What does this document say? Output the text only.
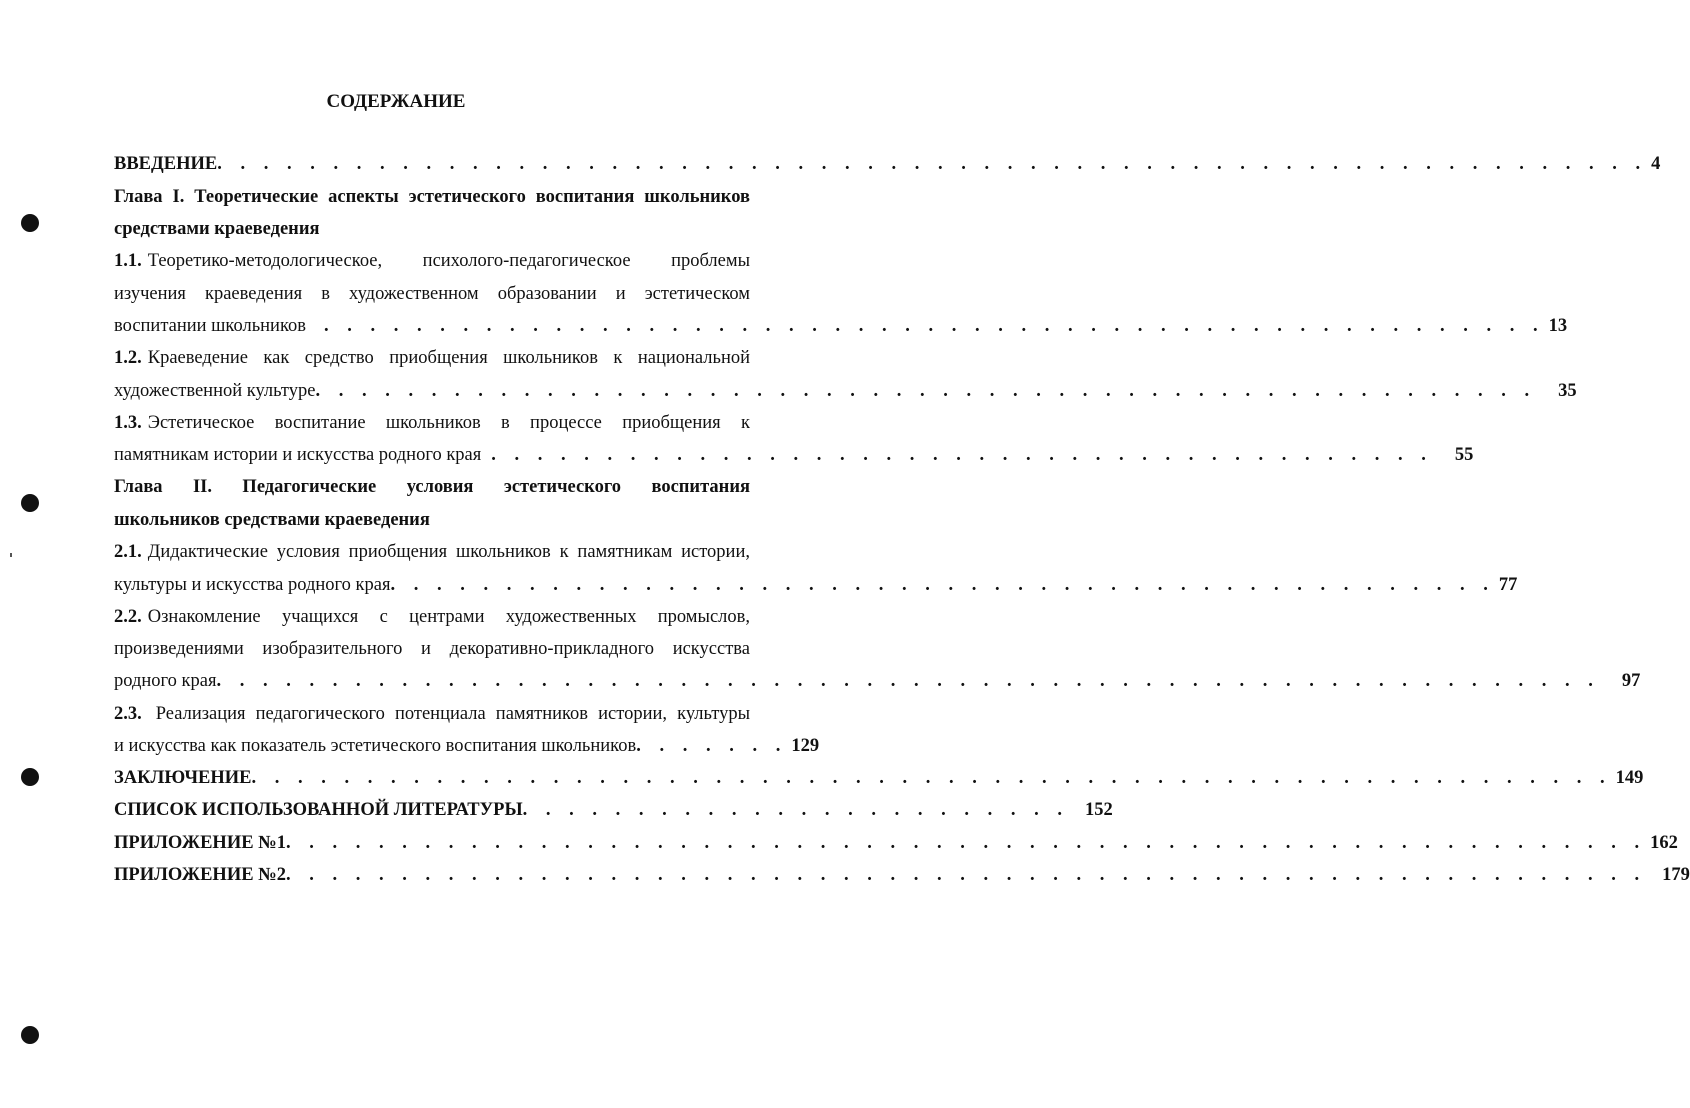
СОДЕРЖАНИЕ
ВВЕДЕНИЕ . . . . . . . . . . . . . . . . . . . . . . . . . . . . . . . . . . . . . . . . . . . . . . . . . . . . . . . . . . . . . . 4
Глава I. Теоретические аспекты эстетического воспитания школьников
средствами краеведения
1.1. Теоретико-методологическое, психолого-педагогическое проблемы
изучения краеведения в художественном образовании и эстетическом
воспитании школьников . . . . . . . . . . . . . . . . . . . . . . . . . . . . . . . . . . . . . . . . . . . . . . . . . . . . . 13
1.2. Краеведение как средство приобщения школьников к национальной
художественной культуре . . . . . . . . . . . . . . . . . . . . . . . . . . . . . . . . . . . . . . . . . . . . . . . . . . . . . 35
1.3. Эстетическое воспитание школьников в процессе приобщения к
памятникам истории и искусства родного края . . . . . . . . . . . . . . . . . . . . . . . . . . . . . . . . . . . . . . . . . 55
Глава II. Педагогические условия эстетического воспитания
школьников средствами краеведения
2.1. Дидактические условия приобщения школьников к памятникам истории,
культуры и искусства родного края . . . . . . . . . . . . . . . . . . . . . . . . . . . . . . . . . . . . . . . . . . . . . . . . 77
2.2. Ознакомление учащихся с центрами художественных промыслов,
произведениями изобразительного и декоративно-прикладного искусства
родного края . . . . . . . . . . . . . . . . . . . . . . . . . . . . . . . . . . . . . . . . . . . . . . . . . . . . . . . . . . . . 97
2.3. Реализация педагогического потенциала памятников истории, культуры
и искусства как показатель эстетического воспитания школьников . . . . . . . 129
ЗАКЛЮЧЕНИЕ . . . . . . . . . . . . . . . . . . . . . . . . . . . . . . . . . . . . . . . . . . . . . . . . . . . . . . . . . . . 149
СПИСОК ИСПОЛЬЗОВАННОЙ ЛИТЕРАТУРЫ . . . . . . . . . . . . . . . . . . . . . . . . 152
ПРИЛОЖЕНИЕ №1 . . . . . . . . . . . . . . . . . . . . . . . . . . . . . . . . . . . . . . . . . . . . . . . . . . . . . . . . . . . 162
ПРИЛОЖЕНИЕ №2 . . . . . . . . . . . . . . . . . . . . . . . . . . . . . . . . . . . . . . . . . . . . . . . . . . . . . . . . . . . 179
